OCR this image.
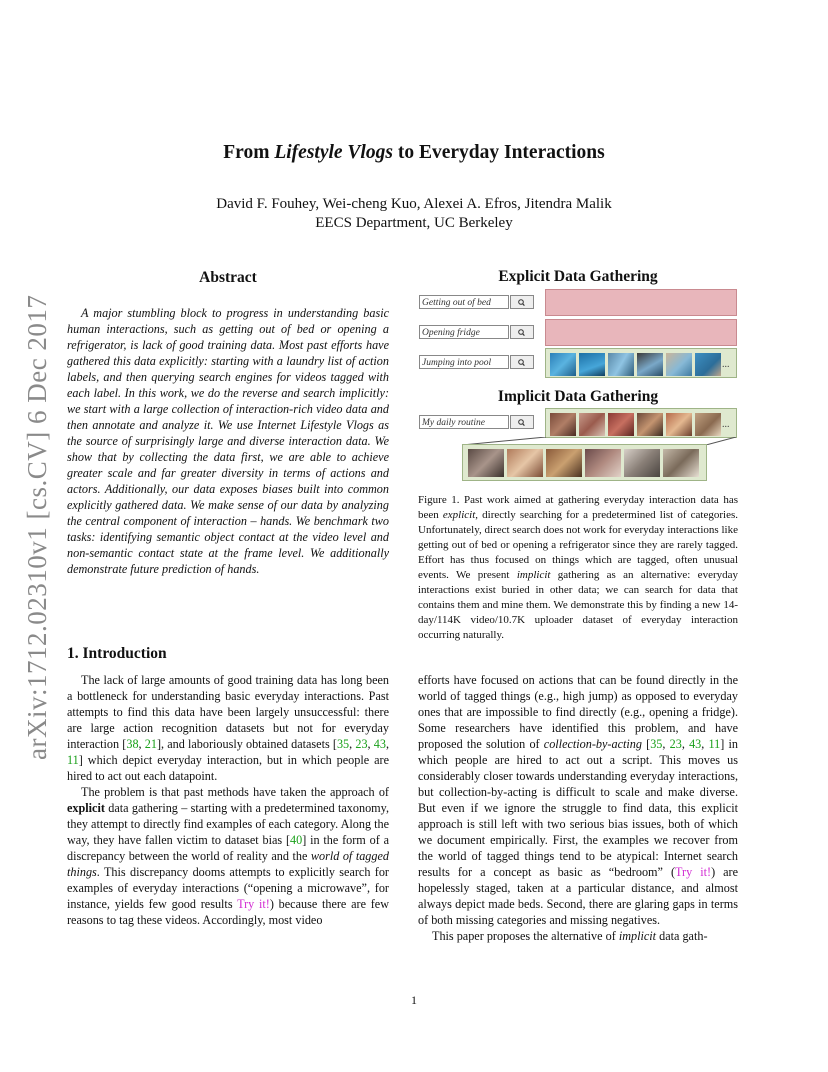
arXiv:1712.02310v1 [cs.CV] 6 Dec 2017
From Lifestyle Vlogs to Everyday Interactions
David F. Fouhey, Wei-cheng Kuo, Alexei A. Efros, Jitendra Malik
EECS Department, UC Berkeley
Abstract

A major stumbling block to progress in understanding basic human interactions, such as getting out of bed or opening a refrigerator, is lack of good training data. Most past efforts have gathered this data explicitly: starting with a laundry list of action labels, and then querying search engines for videos tagged with each label. In this work, we do the reverse and search implicitly: we start with a large collection of interaction-rich video data and then annotate and analyze it. We use Internet Lifestyle Vlogs as the source of surprisingly large and diverse interaction data. We show that by collecting the data first, we are able to achieve greater scale and far greater diversity in terms of actions and actors. Additionally, our data exposes biases built into common explicitly gathered data. We make sense of our data by analyzing the central component of interaction – hands. We benchmark two tasks: identifying semantic object contact at the video level and non-semantic contact state at the frame level. We additionally demonstrate future prediction of hands.

1. Introduction

The lack of large amounts of good training data has long been a bottleneck for understanding basic everyday interactions. Past attempts to find this data have been largely unsuccessful: there are large action recognition datasets but not for everyday interaction [38, 21], and laboriously obtained datasets [35, 23, 43, 11] which depict everyday interaction, but in which people are hired to act out each datapoint.

The problem is that past methods have taken the approach of explicit data gathering – starting with a predetermined taxonomy, they attempt to directly find examples of each category. Along the way, they have fallen victim to dataset bias [40] in the form of a discrepancy between the world of reality and the world of tagged things. This discrepancy dooms attempts to explicitly search for examples of everyday interactions (“opening a microwave”, for instance, yields few good results Try it!) because there are few reasons to tag these videos. Accordingly, most video

Explicit Data Gathering
Getting out of bed
Opening fridge
Jumping into pool	...
Implicit Data Gathering
My daily routine	...
Figure 1. Past work aimed at gathering everyday interaction data has been explicit, directly searching for a predetermined list of categories. Unfortunately, direct search does not work for everyday interactions like getting out of bed or opening a refrigerator since they are rarely tagged. Effort has thus focused on things which are tagged, often unusual events. We present implicit gathering as an alternative: everyday interactions exist buried in other data; we can search for data that contains them and mine them. We demonstrate this by finding a new 14-day/114K video/10.7K uploader dataset of everyday interaction occurring naturally.

efforts have focused on actions that can be found directly in the world of tagged things (e.g., high jump) as opposed to everyday ones that are impossible to find directly (e.g., opening a fridge). Some researchers have identified this problem, and have proposed the solution of collection-by-acting [35, 23, 43, 11] in which people are hired to act out a script. This moves us considerably closer towards understanding everyday interactions, but collection-by-acting is difficult to scale and make diverse. But even if we ignore the struggle to find data, this explicit approach is still left with two serious bias issues, both of which we document empirically. First, the examples we recover from the world of tagged things tend to be atypical: Internet search results for a concept as basic as “bedroom” (Try it!) are hopelessly staged, taken at a particular distance, and almost always depict made beds. Second, there are glaring gaps in terms of both missing categories and missing negatives.

This paper proposes the alternative of implicit data gath-

1
